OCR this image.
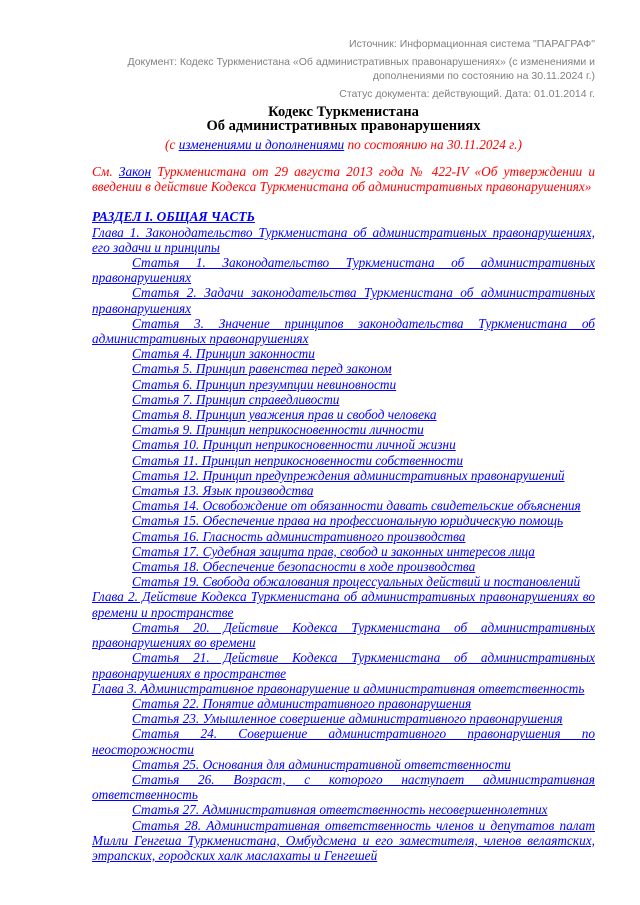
Источник: Информационная система "ПАРАГРАФ"
Документ: Кодекс Туркменистана «Об административных правонарушениях» (с изменениями и дополнениями по состоянию на 30.11.2024 г.)
Статус документа: действующий. Дата: 01.01.2014 г.
Кодекс Туркменистана
Об административных правонарушениях
(с изменениями и дополнениями по состоянию на 30.11.2024 г.)
См. Закон Туркменистана от 29 августа 2013 года № 422-IV «Об утверждении и введении в действие Кодекса Туркменистана об административных правонарушениях»
РАЗДЕЛ I. ОБЩАЯ ЧАСТЬ
Глава 1. Законодательство Туркменистана об административных правонарушениях, его задачи и принципы
Статья 1. Законодательство Туркменистана об административных правонарушениях
Статья 2. Задачи законодательства Туркменистана об административных правонарушениях
Статья 3. Значение принципов законодательства Туркменистана об административных правонарушениях
Статья 4. Принцип законности
Статья 5. Принцип равенства перед законом
Статья 6. Принцип презумпции невиновности
Статья 7. Принцип справедливости
Статья 8. Принцип уважения прав и свобод человека
Статья 9. Принцип неприкосновенности личности
Статья 10. Принцип неприкосновенности личной жизни
Статья 11. Принцип неприкосновенности собственности
Статья 12. Принцип предупреждения административных правонарушений
Статья 13. Язык производства
Статья 14. Освобождение от обязанности давать свидетельские объяснения
Статья 15. Обеспечение права на профессиональную юридическую помощь
Статья 16. Гласность административного производства
Статья 17. Судебная защита прав, свобод и законных интересов лица
Статья 18. Обеспечение безопасности в ходе производства
Статья 19. Свобода обжалования процессуальных действий и постановлений
Глава 2. Действие Кодекса Туркменистана об административных правонарушениях во времени и пространстве
Статья 20. Действие Кодекса Туркменистана об административных правонарушениях во времени
Статья 21. Действие Кодекса Туркменистана об административных правонарушениях в пространстве
Глава 3. Административное правонарушение и административная ответственность
Статья 22. Понятие административного правонарушения
Статья 23. Умышленное совершение административного правонарушения
Статья 24. Совершение административного правонарушения по неосторожности
Статья 25. Основания для административной ответственности
Статья 26. Возраст, с которого наступает административная ответственность
Статья 27. Административная ответственность несовершеннолетних
Статья 28. Административная ответственность членов и депутатов палат Милли Генгеша Туркменистана, Омбудсмена и его заместителя, членов велаятских, этрапских, городских халк маслахаты и Генгешей
